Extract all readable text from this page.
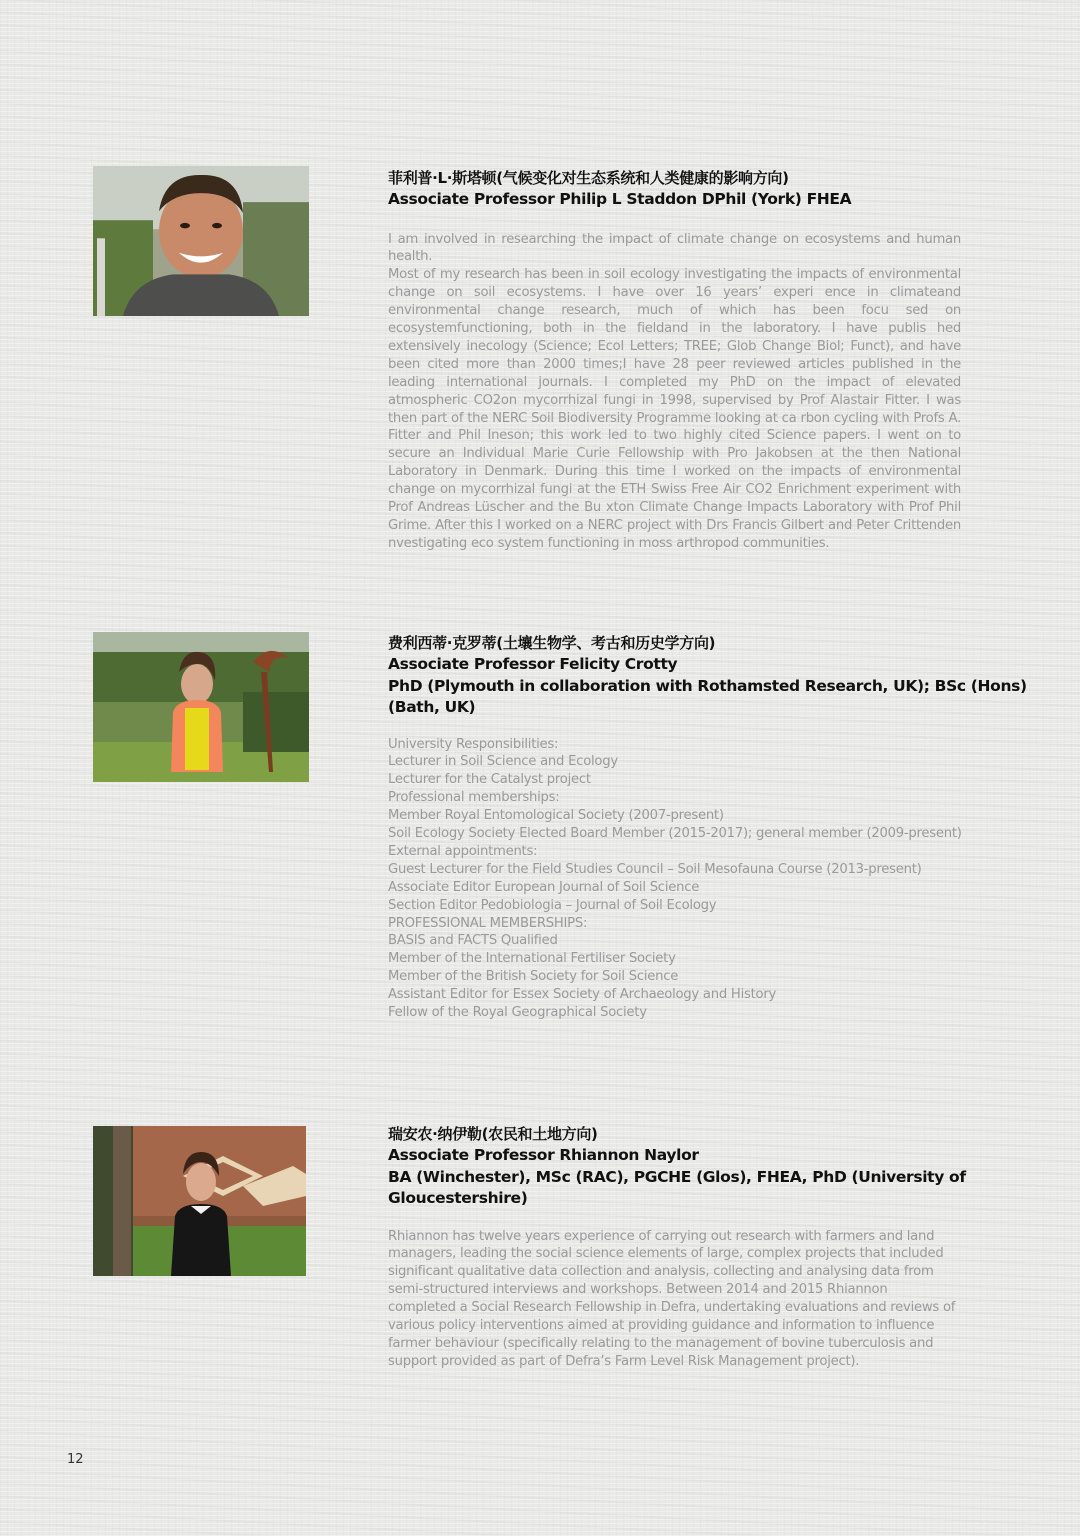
菲利普·L·斯塔顿(气候变化对生态系统和人类健康的影响方向)

Associate Professor Philip L Staddon DPhil (York) FHEA

I am involved in researching the impact of climate change on ecosystems and human health.

Most of my research has been in soil ecology investigating the impacts of environmental change on soil ecosystems. I have over 16 years’ experi ence in climateand environmental change research, much of which has been focu sed on ecosystemfunctioning, both in the fieldand in the laboratory. I have publis hed extensively inecology (Science; Ecol Letters; TREE; Glob Change Biol; Funct), and have been cited more than 2000 times;I have 28 peer reviewed articles published in the leading international journals. I completed my PhD on the impact of elevated atmospheric CO2on mycorrhizal fungi in 1998, supervised by Prof Alastair Fitter. I was then part of the NERC Soil Biodiversity Programme looking at ca rbon cycling with Profs A. Fitter and Phil Ineson; this work led to two highly cited Science papers. I went on to secure an Individual Marie Curie Fellowship with Pro Jakobsen at the then National Laboratory in Denmark. During this time I worked on the impacts of environmental change on mycorrhizal fungi at the ETH Swiss Free Air CO2 Enrichment experiment with Prof Andreas Lüscher and the Bu xton Climate Change Impacts Laboratory with Prof Phil Grime. After this I worked on a NERC project with Drs Francis Gilbert and Peter Crittenden nvestigating eco system functioning in moss arthropod communities.

费利西蒂·克罗蒂(土壤生物学、考古和历史学方向)

Associate Professor Felicity Crotty

PhD (Plymouth in collaboration with Rothamsted Research, UK); BSc (Hons)

(Bath, UK)

University Responsibilities:
Lecturer in Soil Science and Ecology
Lecturer for the Catalyst project
Professional memberships:
Member Royal Entomological Society (2007-present)
Soil Ecology Society Elected Board Member (2015-2017); general member (2009-present)
External appointments:
Guest Lecturer for the Field Studies Council – Soil Mesofauna Course (2013-present)
Associate Editor European Journal of Soil Science
Section Editor Pedobiologia – Journal of Soil Ecology
PROFESSIONAL MEMBERSHIPS:
BASIS and FACTS Qualified
Member of the International Fertiliser Society
Member of the British Society for Soil Science
Assistant Editor for Essex Society of Archaeology and History
Fellow of the Royal Geographical Society

瑞安农·纳伊勒(农民和土地方向)

Associate Professor Rhiannon Naylor

BA (Winchester), MSc (RAC), PGCHE (Glos), FHEA, PhD (University of

Gloucestershire)

Rhiannon has twelve years experience of carrying out research with farmers and land
managers, leading the social science elements of large, complex projects that included
significant qualitative data collection and analysis, collecting and analysing data from
semi-structured interviews and workshops. Between 2014 and 2015 Rhiannon
completed a Social Research Fellowship in Defra, undertaking evaluations and reviews of
various policy interventions aimed at providing guidance and information to influence
farmer behaviour (specifically relating to the management of bovine tuberculosis and
support provided as part of Defra’s Farm Level Risk Management project).
12
